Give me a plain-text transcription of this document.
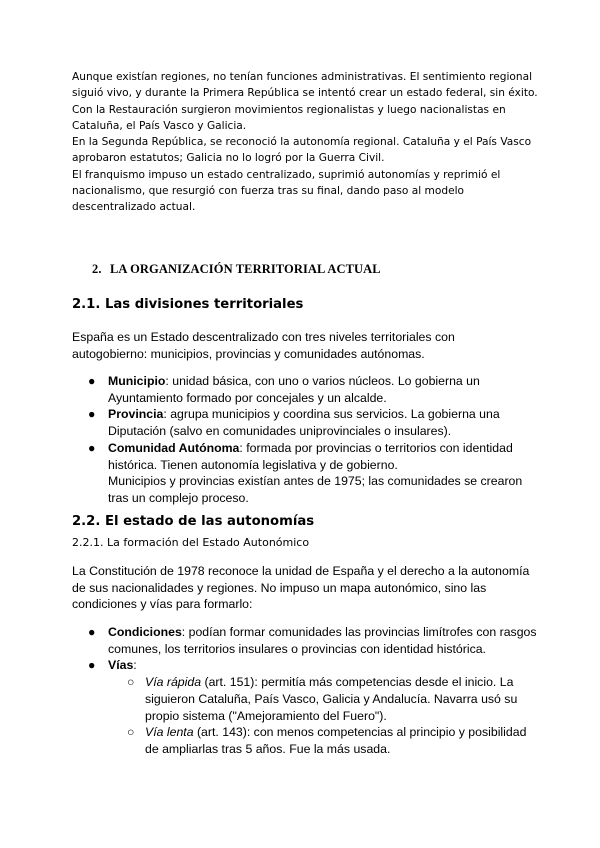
Aunque existían regiones, no tenían funciones administrativas. El sentimiento regional siguió vivo, y durante la Primera República se intentó crear un estado federal, sin éxito.

Con la Restauración surgieron movimientos regionalistas y luego nacionalistas en Cataluña, el País Vasco y Galicia.

En la Segunda República, se reconoció la autonomía regional. Cataluña y el País Vasco aprobaron estatutos; Galicia no lo logró por la Guerra Civil.

El franquismo impuso un estado centralizado, suprimió autonomías y reprimió el nacionalismo, que resurgió con fuerza tras su final, dando paso al modelo descentralizado actual.

2. LA ORGANIZACIÓN TERRITORIAL ACTUAL
2.1. Las divisiones territoriales

España es un Estado descentralizado con tres niveles territoriales con autogobierno: municipios, provincias y comunidades autónomas.

● Municipio: unidad básica, con uno o varios núcleos. Lo gobierna un Ayuntamiento formado por concejales y un alcalde.
● Provincia: agrupa municipios y coordina sus servicios. La gobierna una Diputación (salvo en comunidades uniprovinciales o insulares).
● Comunidad Autónoma: formada por provincias o territorios con identidad histórica. Tienen autonomía legislativa y de gobierno.
Municipios y provincias existían antes de 1975; las comunidades se crearon tras un complejo proceso.
2.2. El estado de las autonomías
2.2.1. La formación del Estado Autonómico

La Constitución de 1978 reconoce la unidad de España y el derecho a la autonomía de sus nacionalidades y regiones. No impuso un mapa autonómico, sino las condiciones y vías para formarlo:

● Condiciones: podían formar comunidades las provincias limítrofes con rasgos comunes, los territorios insulares o provincias con identidad histórica.
● Vías:
○ Vía rápida (art. 151): permitía más competencias desde el inicio. La siguieron Cataluña, País Vasco, Galicia y Andalucía. Navarra usó su propio sistema ("Amejoramiento del Fuero").
○ Vía lenta (art. 143): con menos competencias al principio y posibilidad de ampliarlas tras 5 años. Fue la más usada.
